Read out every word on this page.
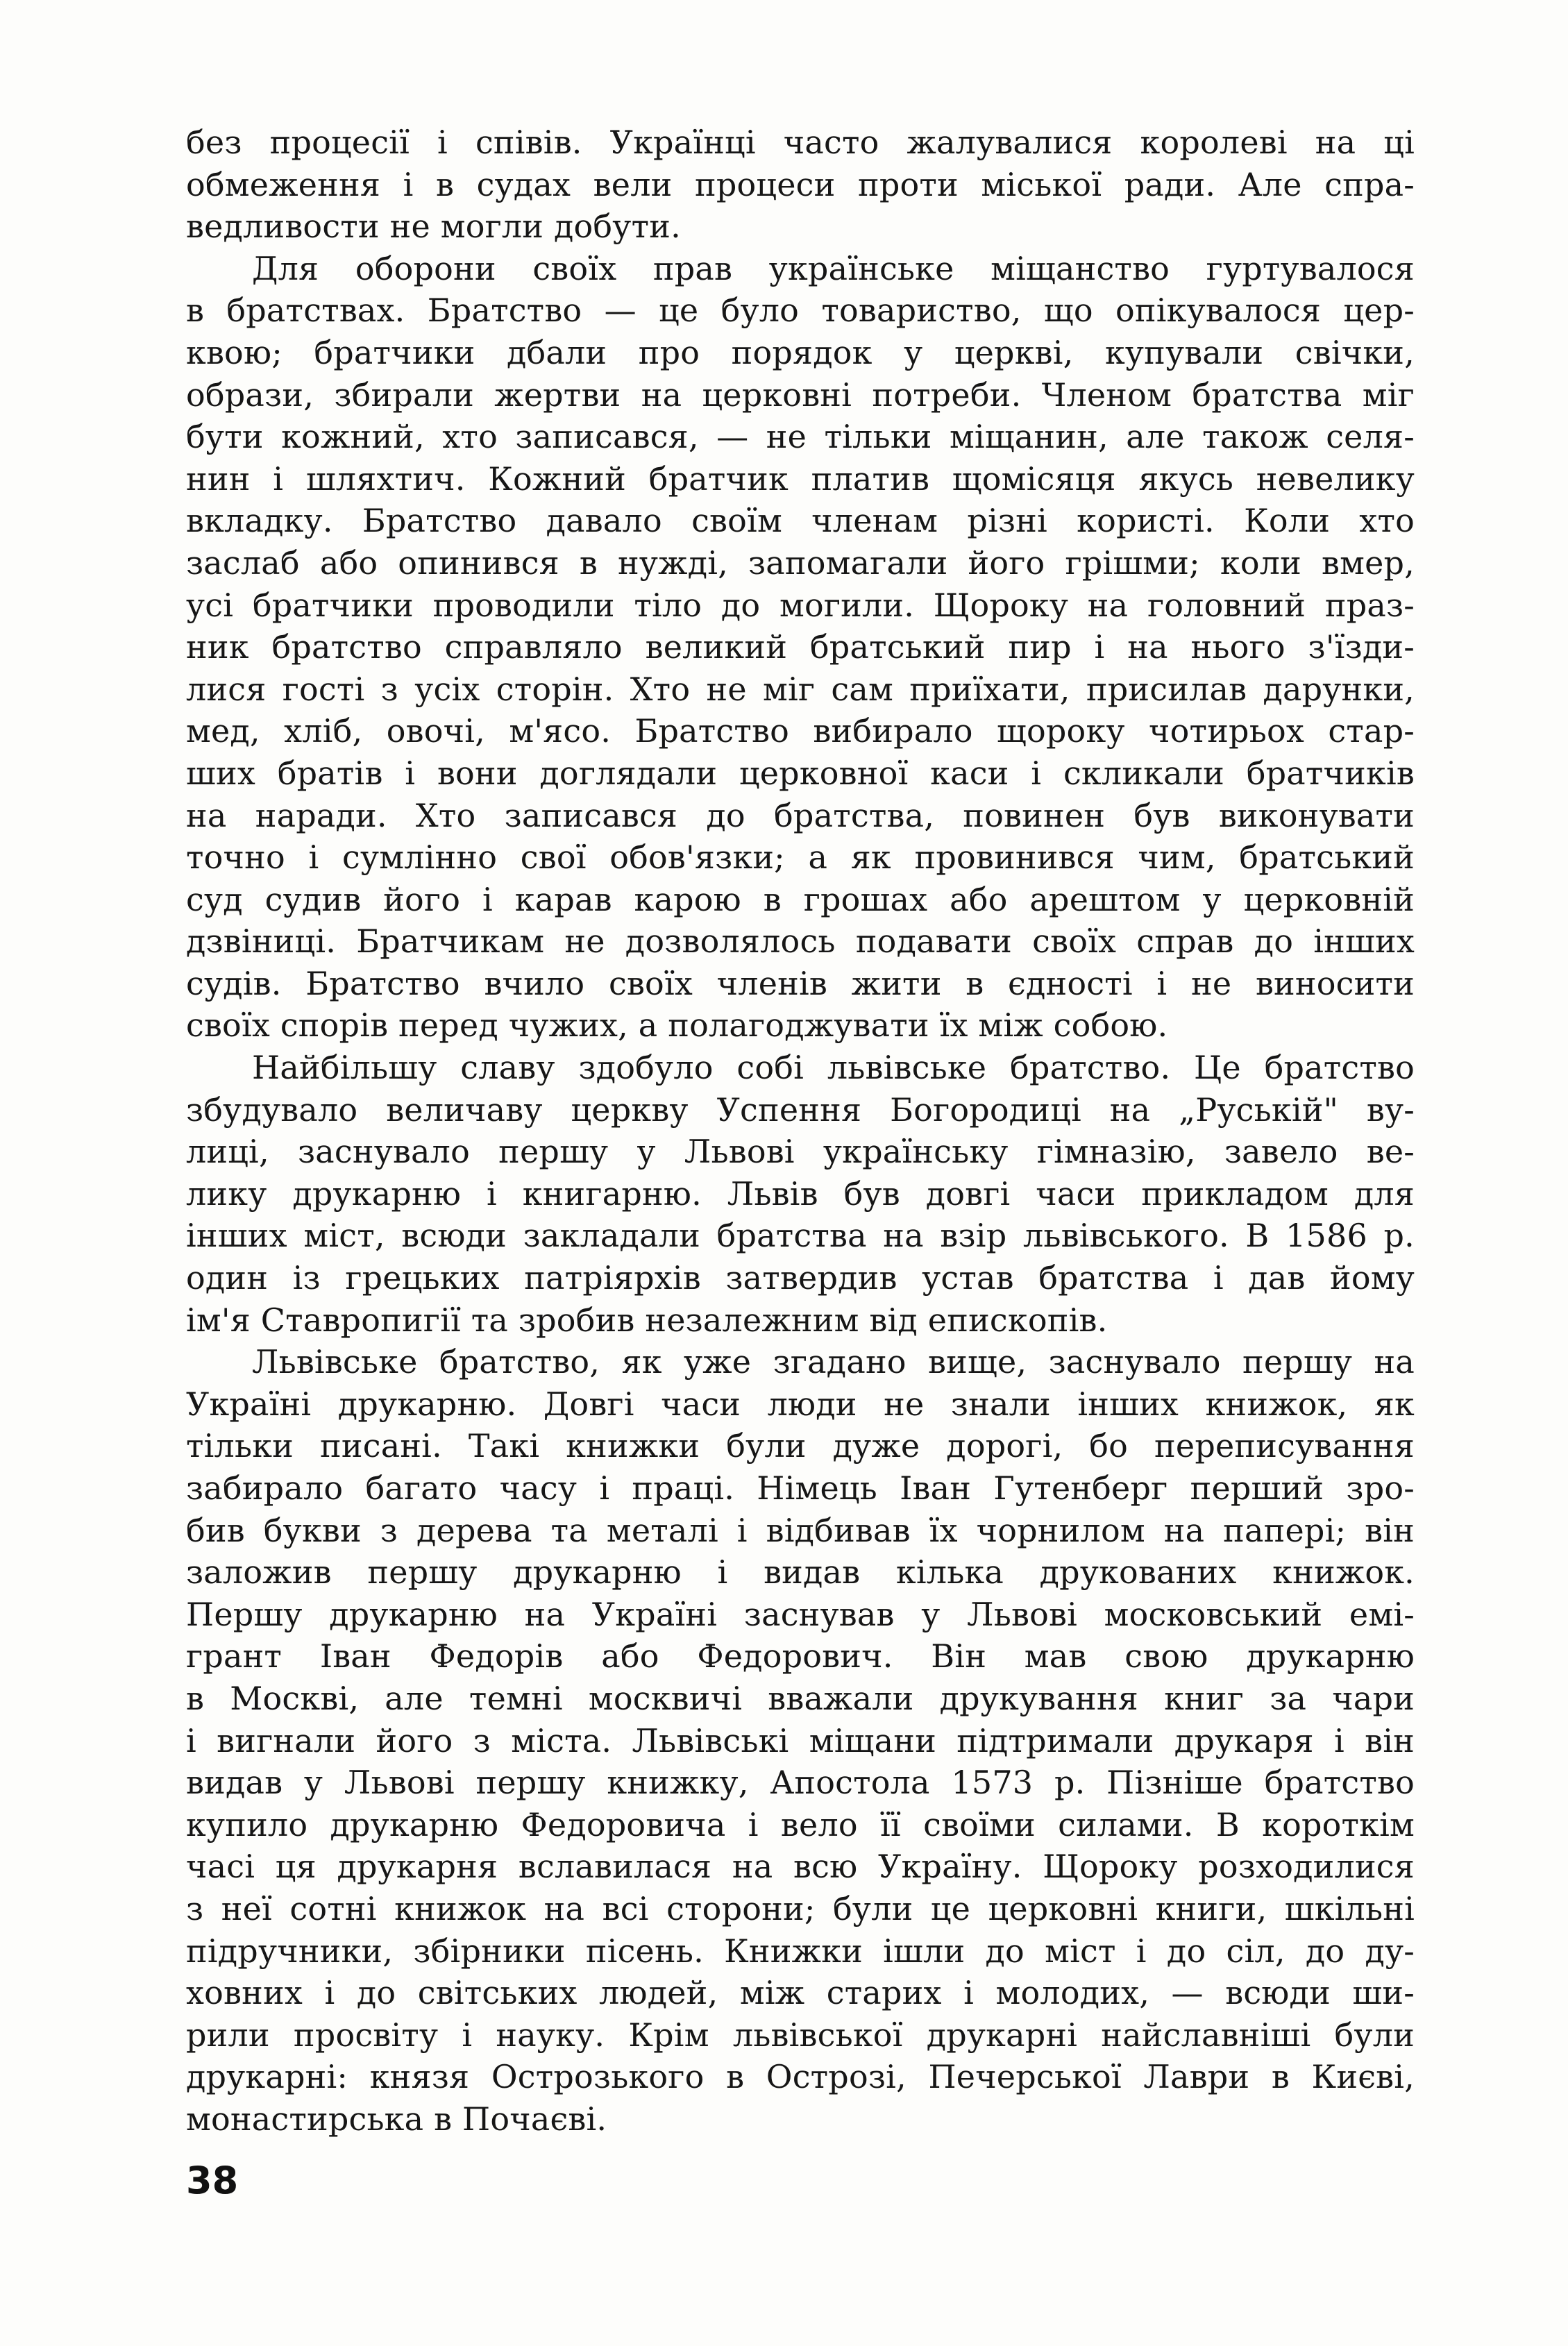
без процесії і співів. Українці часто жалувалися королеві на ці
обмеження і в судах вели процеси проти міської ради. Але спра-
ведливости не могли добути.
Для оборони своїх прав українське міщанство гуртувалося
в братствах. Братство — це було товариство, що опікувалося цер-
квою; братчики дбали про порядок у церкві, купували свічки,
образи, збирали жертви на церковні потреби. Членом братства міг
бути кожний, хто записався, — не тільки міщанин, але також селя-
нин і шляхтич. Кожний братчик платив щомісяця якусь невелику
вкладку. Братство давало своїм членам різні користі. Коли хто
заслаб або опинився в нужді, запомагали його грішми; коли вмер,
усі братчики проводили тіло до могили. Щороку на головний праз-
ник братство справляло великий братський пир і на нього з'їзди-
лися гості з усіх сторін. Хто не міг сам приїхати, присилав дарунки,
мед, хліб, овочі, м'ясо. Братство вибирало щороку чотирьох стар-
ших братів і вони доглядали церковної каси і скликали братчиків
на наради. Хто записався до братства, повинен був виконувати
точно і сумлінно свої обов'язки; а як провинився чим, братський
суд судив його і карав карою в грошах або арештом у церковній
дзвіниці. Братчикам не дозволялось подавати своїх справ до інших
судів. Братство вчило своїх членів жити в єдності і не виносити
своїх спорів перед чужих, а полагоджувати їх між собою.
Найбільшу славу здобуло собі львівське братство. Це братство
збудувало величаву церкву Успення Богородиці на „Руській" ву-
лиці, заснувало першу у Львові українську гімназію, завело ве-
лику друкарню і книгарню. Львів був довгі часи прикладом для
інших міст, всюди закладали братства на взір львівського. В 1586 р.
один із грецьких патріярхів затвердив устав братства і дав йому
ім'я Ставропигії та зробив незалежним від епископів.
Львівське братство, як уже згадано вище, заснувало першу на
Україні друкарню. Довгі часи люди не знали інших книжок, як
тільки писані. Такі книжки були дуже дорогі, бо переписування
забирало багато часу і праці. Німець Іван Гутенберг перший зро-
бив букви з дерева та металі і відбивав їх чорнилом на папері; він
заложив першу друкарню і видав кілька друкованих книжок.
Першу друкарню на Україні заснував у Львові московський емі-
грант Іван Федорів або Федорович. Він мав свою друкарню
в Москві, але темні москвичі вважали друкування книг за чари
і вигнали його з міста. Львівські міщани підтримали друкаря і він
видав у Львові першу книжку, Апостола 1573 р. Пізніше братство
купило друкарню Федоровича і вело її своїми силами. В короткім
часі ця друкарня вславилася на всю Україну. Щороку розходилися
з неї сотні книжок на всі сторони; були це церковні книги, шкільні
підручники, збірники пісень. Книжки ішли до міст і до сіл, до ду-
ховних і до світських людей, між старих і молодих, — всюди ши-
рили просвіту і науку. Крім львівської друкарні найславніші були
друкарні: князя Острозького в Острозі, Печерської Лаври в Києві,
монастирська в Почаєві.
38
